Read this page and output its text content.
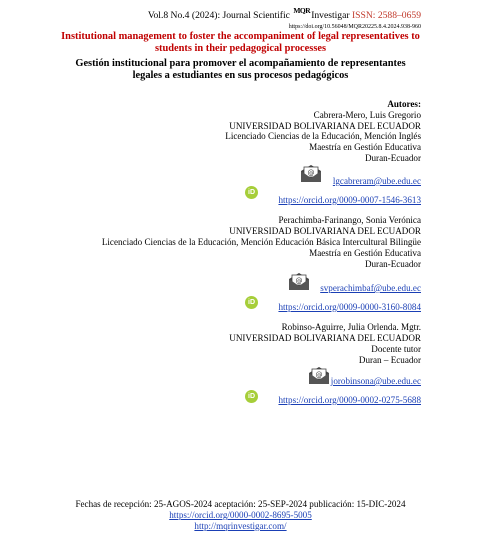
Vol.8 No.4 (2024): Journal Scientific MQRInvestigar ISSN: 2588–0659
https://doi.org/10.56048/MQR20225.8.4.2024.938-960
Institutional management to foster the accompaniment of legal representatives to students in their pedagogical processes
Gestión institucional para promover el acompañamiento de representantes legales a estudiantes en sus procesos pedagógicos
Autores:
Cabrera-Mero, Luis Gregorio
UNIVERSIDAD BOLIVARIANA DEL ECUADOR
Licenciado Ciencias de la Educación, Mención Inglés
Maestría en Gestión Educativa
Duran-Ecuador
@
lgcabreram@ube.edu.ec
iD
https://orcid.org/0009-0007-1546-3613
Perachimba-Farinango, Sonia Verónica
UNIVERSIDAD BOLIVARIANA DEL ECUADOR
Licenciado Ciencias de la Educación, Mención Educación Básica Intercultural Bilingüe
Maestría en Gestión Educativa
Duran-Ecuador
@
svperachimbaf@ube.edu.ec
iD	https://orcid.org/0009-0000-3160-8084
Robinso-Aguirre, Julia Orlenda. Mgtr.
UNIVERSIDAD BOLIVARIANA DEL ECUADOR
Docente tutor
Duran – Ecuador
@
jorobinsona@ube.edu.ec
iD	https://orcid.org/0009-0002-0275-5688
Fechas de recepción: 25-AGOS-2024 aceptación: 25-SEP-2024 publicación: 15-DIC-2024
https://orcid.org/0000-0002-8695-5005
http://mqrinvestigar.com/
